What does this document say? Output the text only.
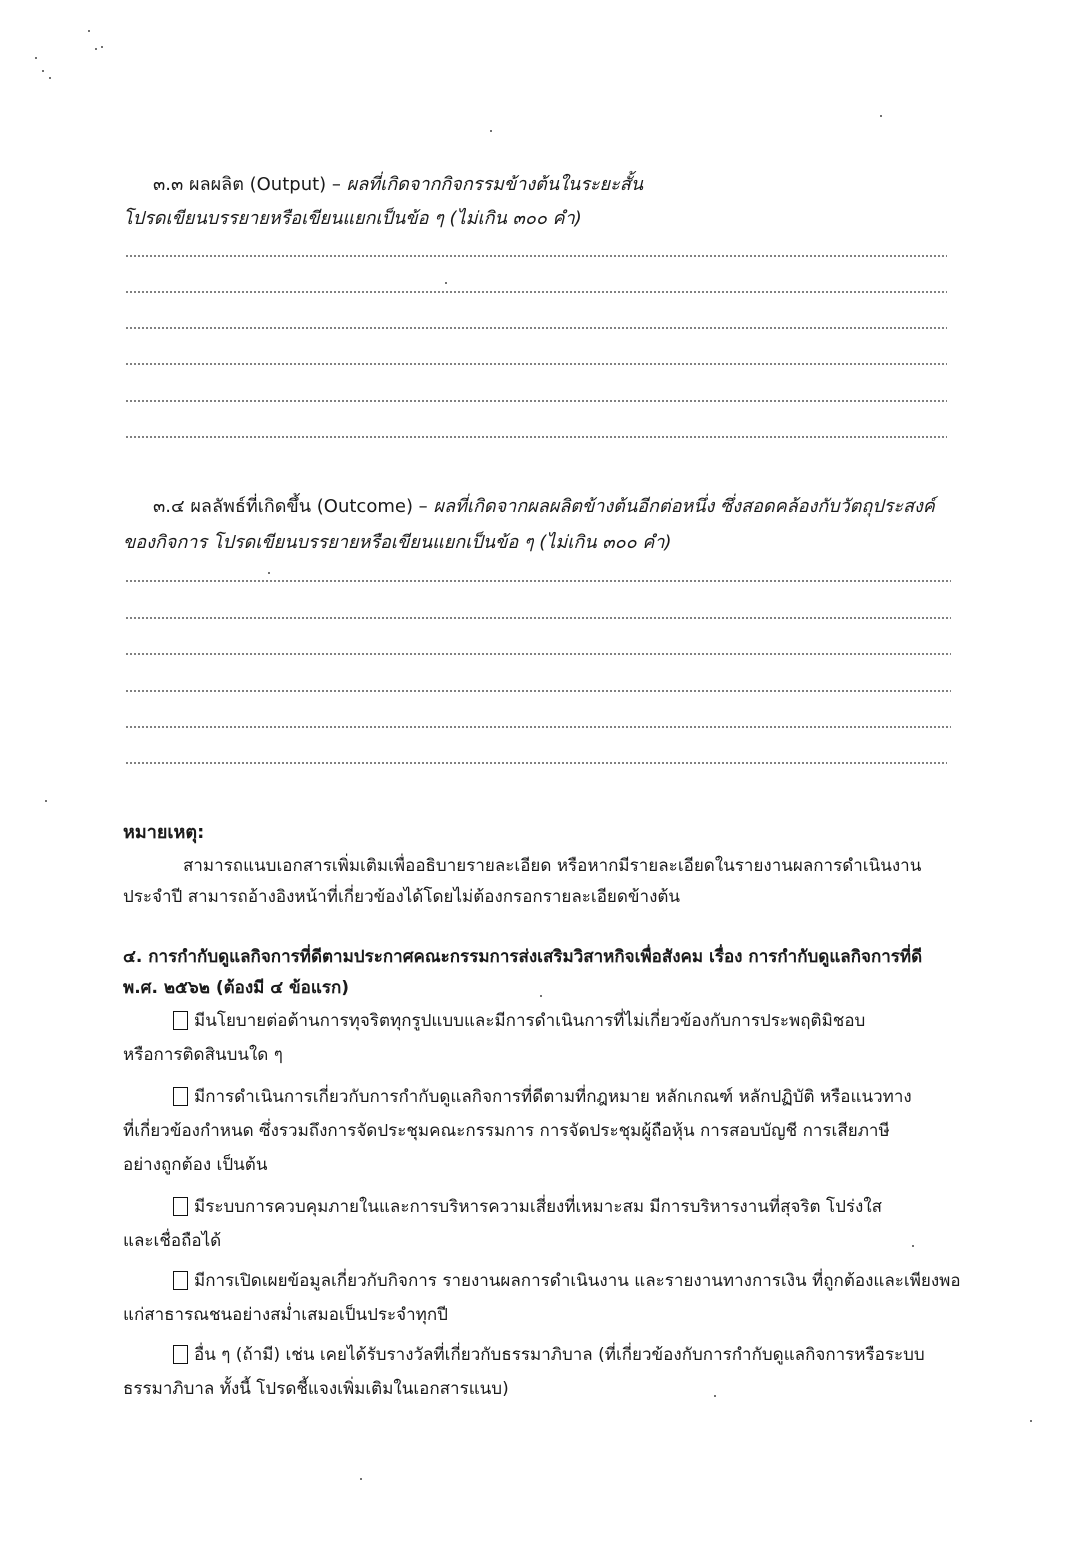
๓.๓ ผลผลิต (Output) – ผลที่เกิดจากกิจกรรมข้างต้นในระยะสั้น
โปรดเขียนบรรยายหรือเขียนแยกเป็นข้อ ๆ (ไม่เกิน ๓๐๐ คำ)
๓.๔ ผลลัพธ์ที่เกิดขึ้น (Outcome) – ผลที่เกิดจากผลผลิตข้างต้นอีกต่อหนึ่ง ซึ่งสอดคล้องกับวัตถุประสงค์
ของกิจการ โปรดเขียนบรรยายหรือเขียนแยกเป็นข้อ ๆ (ไม่เกิน ๓๐๐ คำ)
หมายเหตุ:
สามารถแนบเอกสารเพิ่มเติมเพื่ออธิบายรายละเอียด หรือหากมีรายละเอียดในรายงานผลการดำเนินงาน
ประจำปี สามารถอ้างอิงหน้าที่เกี่ยวข้องได้โดยไม่ต้องกรอกรายละเอียดข้างต้น
๔. การกำกับดูแลกิจการที่ดีตามประกาศคณะกรรมการส่งเสริมวิสาหกิจเพื่อสังคม เรื่อง การกำกับดูแลกิจการที่ดี
พ.ศ. ๒๕๖๒ (ต้องมี ๔ ข้อแรก)
มีนโยบายต่อต้านการทุจริตทุกรูปแบบและมีการดำเนินการที่ไม่เกี่ยวข้องกับการประพฤติมิชอบ
หรือการติดสินบนใด ๆ
มีการดำเนินการเกี่ยวกับการกำกับดูแลกิจการที่ดีตามที่กฎหมาย หลักเกณฑ์ หลักปฏิบัติ หรือแนวทาง
ที่เกี่ยวข้องกำหนด ซึ่งรวมถึงการจัดประชุมคณะกรรมการ การจัดประชุมผู้ถือหุ้น การสอบบัญชี การเสียภาษี
อย่างถูกต้อง เป็นต้น
มีระบบการควบคุมภายในและการบริหารความเสี่ยงที่เหมาะสม มีการบริหารงานที่สุจริต โปร่งใส
และเชื่อถือได้
มีการเปิดเผยข้อมูลเกี่ยวกับกิจการ รายงานผลการดำเนินงาน และรายงานทางการเงิน ที่ถูกต้องและเพียงพอ
แก่สาธารณชนอย่างสม่ำเสมอเป็นประจำทุกปี
อื่น ๆ (ถ้ามี) เช่น เคยได้รับรางวัลที่เกี่ยวกับธรรมาภิบาล (ที่เกี่ยวข้องกับการกำกับดูแลกิจการหรือระบบ
ธรรมาภิบาล ทั้งนี้ โปรดชี้แจงเพิ่มเติมในเอกสารแนบ)
